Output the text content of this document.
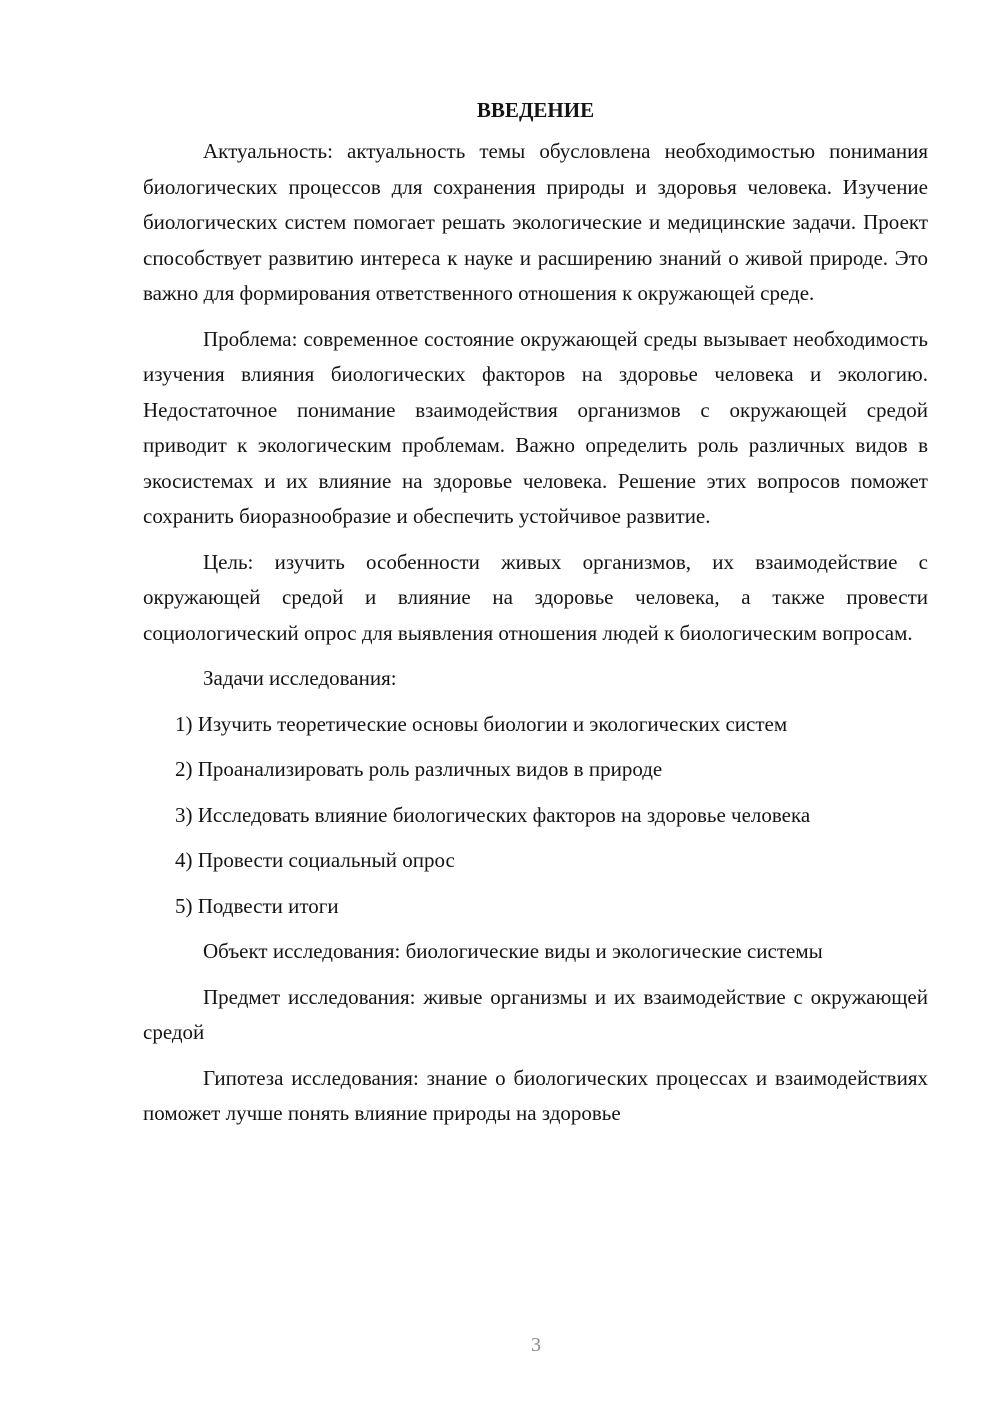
ВВЕДЕНИЕ

Актуальность: актуальность темы обусловлена необходимостью понимания биологических процессов для сохранения природы и здоровья человека. Изучение биологических систем помогает решать экологические и медицинские задачи. Проект способствует развитию интереса к науке и расширению знаний о живой природе. Это важно для формирования ответственного отношения к окружающей среде.

Проблема: современное состояние окружающей среды вызывает необходимость изучения влияния биологических факторов на здоровье человека и экологию. Недостаточное понимание взаимодействия организмов с окружающей средой приводит к экологическим проблемам. Важно определить роль различных видов в экосистемах и их влияние на здоровье человека. Решение этих вопросов поможет сохранить биоразнообразие и обеспечить устойчивое развитие.

Цель: изучить особенности живых организмов, их взаимодействие с окружающей средой и влияние на здоровье человека, а также провести социологический опрос для выявления отношения людей к биологическим вопросам.

Задачи исследования:

1) Изучить теоретические основы биологии и экологических систем

2) Проанализировать роль различных видов в природе

3) Исследовать влияние биологических факторов на здоровье человека

4) Провести социальный опрос

5) Подвести итоги

Объект исследования: биологические виды и экологические системы

Предмет исследования: живые организмы и их взаимодействие с окружающей средой

Гипотеза исследования: знание о биологических процессах и взаимодействиях поможет лучше понять влияние природы на здоровье

3
